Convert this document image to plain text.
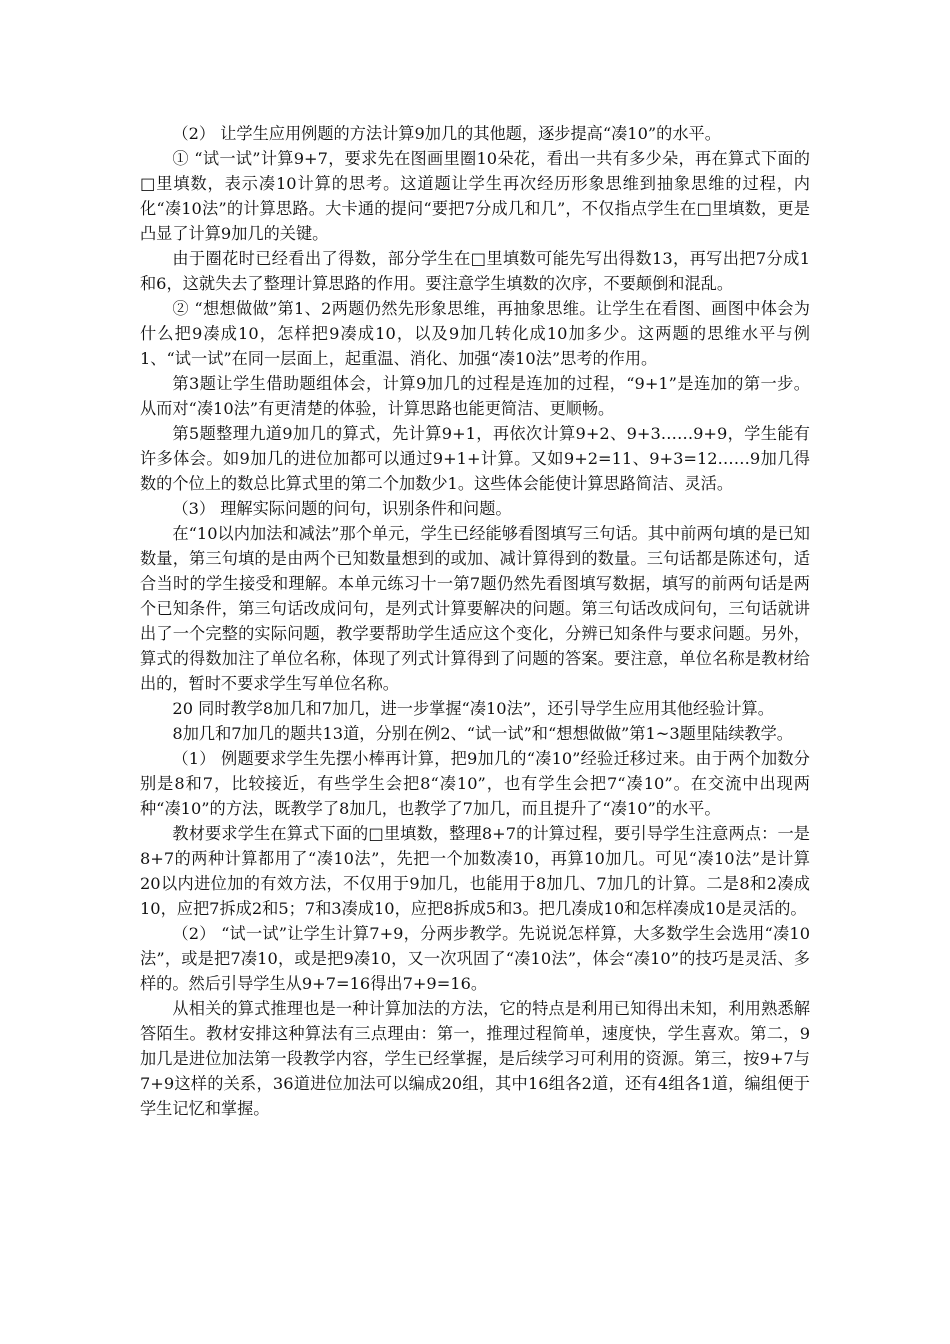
（2） 让学生应用例题的方法计算9加几的其他题，逐步提高“凑10”的水平。

① “试一试”计算9+7，要求先在图画里圈10朵花，看出一共有多少朵，再在算式下面的□里填数，表示凑10计算的思考。这道题让学生再次经历形象思维到抽象思维的过程，内化“凑10法”的计算思路。大卡通的提问“要把7分成几和几”，不仅指点学生在□里填数，更是凸显了计算9加几的关键。

由于圈花时已经看出了得数，部分学生在□里填数可能先写出得数13，再写出把7分成1和6，这就失去了整理计算思路的作用。要注意学生填数的次序，不要颠倒和混乱。

② “想想做做”第1、2两题仍然先形象思维，再抽象思维。让学生在看图、画图中体会为什么把9凑成10，怎样把9凑成10，以及9加几转化成10加多少。这两题的思维水平与例1、“试一试”在同一层面上，起重温、消化、加强“凑10法”思考的作用。

第3题让学生借助题组体会，计算9加几的过程是连加的过程，“9+1”是连加的第一步。从而对“凑10法”有更清楚的体验，计算思路也能更简洁、更顺畅。

第5题整理九道9加几的算式，先计算9+1，再依次计算9+2、9+3……9+9，学生能有许多体会。如9加几的进位加都可以通过9+1+计算。又如9+2=11、9+3=12……9加几得数的个位上的数总比算式里的第二个加数少1。这些体会能使计算思路简洁、灵活。

（3） 理解实际问题的问句，识别条件和问题。

在“10以内加法和减法”那个单元，学生已经能够看图填写三句话。其中前两句填的是已知数量，第三句填的是由两个已知数量想到的或加、减计算得到的数量。三句话都是陈述句，适合当时的学生接受和理解。本单元练习十一第7题仍然先看图填写数据，填写的前两句话是两个已知条件，第三句话改成问句，是列式计算要解决的问题。第三句话改成问句，三句话就讲出了一个完整的实际问题，教学要帮助学生适应这个变化，分辨已知条件与要求问题。另外，算式的得数加注了单位名称，体现了列式计算得到了问题的答案。要注意，单位名称是教材给出的，暂时不要求学生写单位名称。

20 同时教学8加几和7加几，进一步掌握“凑10法”，还引导学生应用其他经验计算。

8加几和7加几的题共13道，分别在例2、“试一试”和“想想做做”第1~3题里陆续教学。

（1） 例题要求学生先摆小棒再计算，把9加几的“凑10”经验迁移过来。由于两个加数分别是8和7，比较接近，有些学生会把8“凑10”，也有学生会把7“凑10”。在交流中出现两种“凑10”的方法，既教学了8加几，也教学了7加几，而且提升了“凑10”的水平。

教材要求学生在算式下面的□里填数，整理8+7的计算过程，要引导学生注意两点：一是8+7的两种计算都用了“凑10法”，先把一个加数凑10，再算10加几。可见“凑10法”是计算20以内进位加的有效方法，不仅用于9加几，也能用于8加几、7加几的计算。二是8和2凑成10，应把7拆成2和5；7和3凑成10，应把8拆成5和3。把几凑成10和怎样凑成10是灵活的。

（2） “试一试”让学生计算7+9，分两步教学。先说说怎样算，大多数学生会选用“凑10法”，或是把7凑10，或是把9凑10，又一次巩固了“凑10法”，体会“凑10”的技巧是灵活、多样的。然后引导学生从9+7=16得出7+9=16。

从相关的算式推理也是一种计算加法的方法，它的特点是利用已知得出未知，利用熟悉解答陌生。教材安排这种算法有三点理由：第一，推理过程简单，速度快，学生喜欢。第二，9加几是进位加法第一段教学内容，学生已经掌握，是后续学习可利用的资源。第三，按9+7与7+9这样的关系，36道进位加法可以编成20组，其中16组各2道，还有4组各1道，编组便于学生记忆和掌握。
